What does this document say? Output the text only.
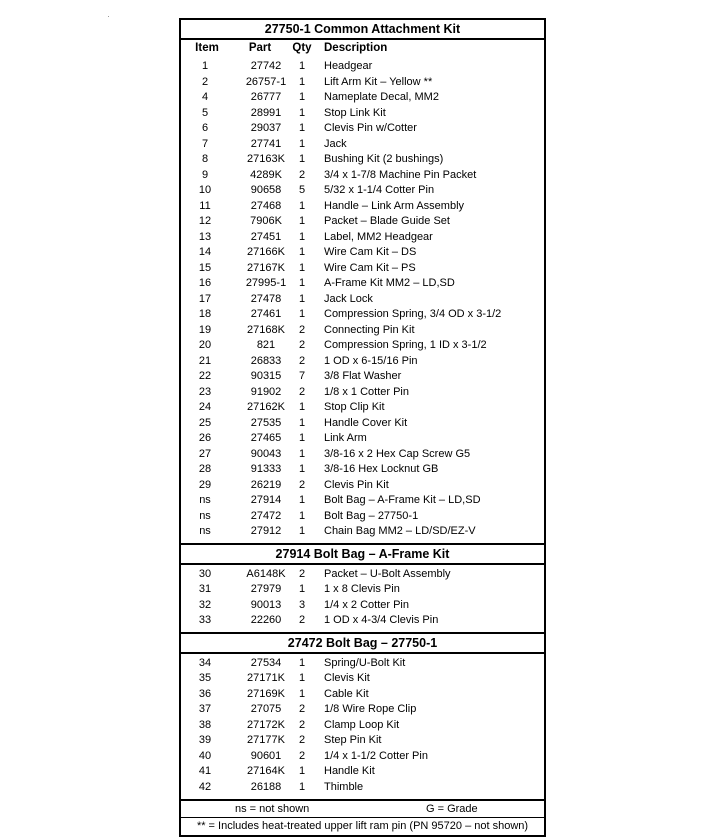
27750-1 Common Attachment Kit
Item	Part	Qty Description
1	27742	1	Headgear
2	26757-1	1	Lift Arm Kit – Yellow **
4	26777	1	Nameplate Decal, MM2
5	28991	1	Stop Link Kit
6	29037	1	Clevis Pin w/Cotter
7	27741	1	Jack
8	27163K	1	Bushing Kit (2 bushings)
9	4289K	2	3/4 x 1-7/8 Machine Pin Packet
10	90658	5	5/32 x 1-1/4 Cotter Pin
11	27468	1	Handle – Link Arm Assembly
12	7906K	1	Packet – Blade Guide Set
13	27451	1	Label, MM2 Headgear
14	27166K	1	Wire Cam Kit – DS
15	27167K	1	Wire Cam Kit – PS
16	27995-1	1	A-Frame Kit MM2 – LD,SD
17	27478	1	Jack Lock
18	27461	1	Compression Spring, 3/4 OD x 3-1/2
19	27168K	2	Connecting Pin Kit
20	821	2	Compression Spring, 1 ID x 3-1/2
21	26833	2	1 OD x 6-15/16 Pin
22	90315	7	3/8 Flat Washer
23	91902	2	1/8 x 1 Cotter Pin
24	27162K	1	Stop Clip Kit
25	27535	1	Handle Cover Kit
26	27465	1	Link Arm
27	90043	1	3/8-16 x 2 Hex Cap Screw G5
28	91333	1	3/8-16 Hex Locknut GB
29	26219	2	Clevis Pin Kit
ns	27914	1	Bolt Bag – A-Frame Kit – LD,SD
ns	27472	1	Bolt Bag – 27750-1
ns	27912	1	Chain Bag MM2 – LD/SD/EZ-V
27914 Bolt Bag – A-Frame Kit
30	A6148K	2	Packet – U-Bolt Assembly
31	27979	1	1 x 8 Clevis Pin
32	90013	3	1/4 x 2 Cotter Pin
33	22260	2	1 OD x 4-3/4 Clevis Pin
27472 Bolt Bag – 27750-1
34	27534	1	Spring/U-Bolt Kit
35	27171K	1	Clevis Kit
36	27169K	1	Cable Kit
37	27075	2	1/8 Wire Rope Clip
38	27172K	2	Clamp Loop Kit
39	27177K	2	Step Pin Kit
40	90601	2	1/4 x 1-1/2 Cotter Pin
41	27164K	1	Handle Kit
42	26188	1	Thimble
ns = not shown	G = Grade
** = Includes heat-treated upper lift ram pin (PN 95720 – not shown)
